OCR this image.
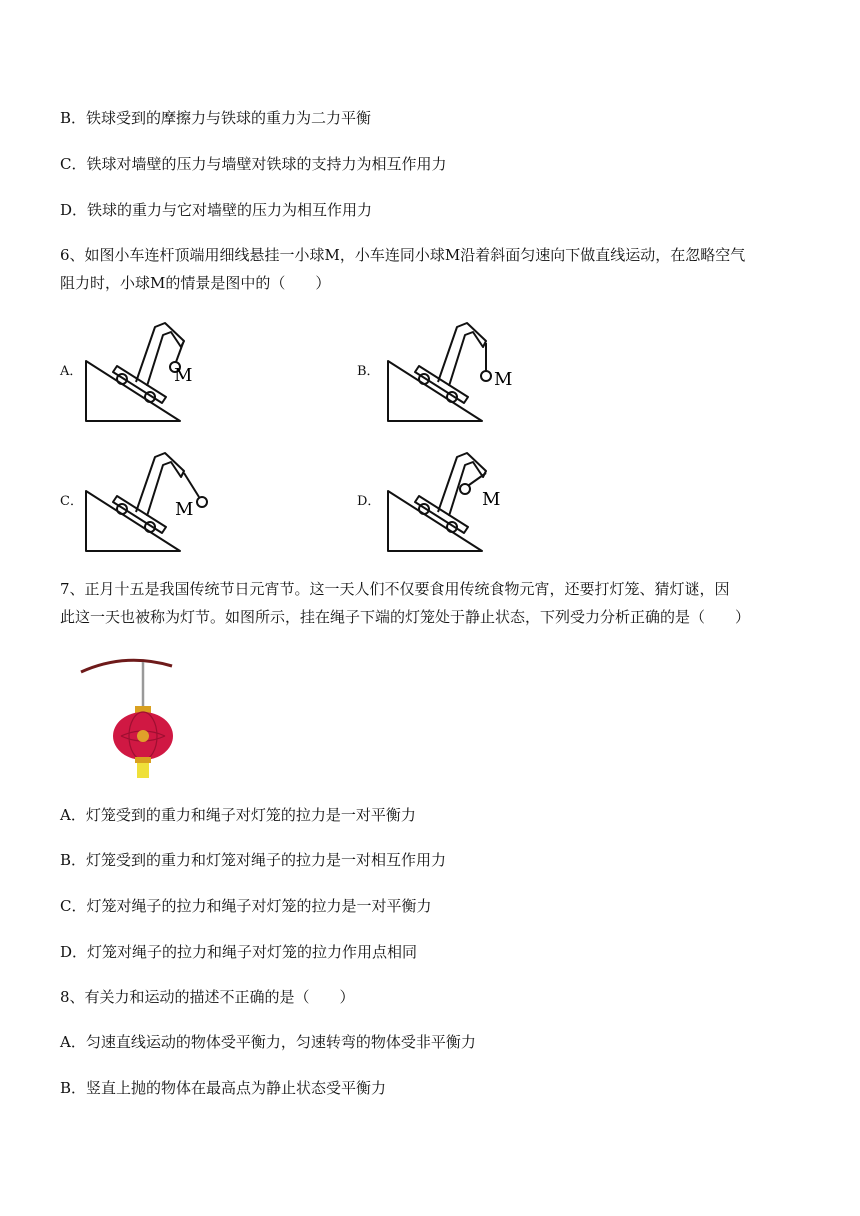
B．铁球受到的摩擦力与铁球的重力为二力平衡
C．铁球对墙壁的压力与墙壁对铁球的支持力为相互作用力
D．铁球的重力与它对墙壁的压力为相互作用力
6、如图小车连杆顶端用细线悬挂一小球M，小车连同小球M沿着斜面匀速向下做直线运动，在忽略空气
阻力时，小球M的情景是图中的（　　）
A．	B．
C．	D．
M	M
M	M
7、正月十五是我国传统节日元宵节。这一天人们不仅要食用传统食物元宵，还要打灯笼、猜灯谜，因
此这一天也被称为灯节。如图所示，挂在绳子下端的灯笼处于静止状态，下列受力分析正确的是（　　）
A．灯笼受到的重力和绳子对灯笼的拉力是一对平衡力
B．灯笼受到的重力和灯笼对绳子的拉力是一对相互作用力
C．灯笼对绳子的拉力和绳子对灯笼的拉力是一对平衡力
D．灯笼对绳子的拉力和绳子对灯笼的拉力作用点相同
8、有关力和运动的描述不正确的是（　　）
A．匀速直线运动的物体受平衡力，匀速转弯的物体受非平衡力
B．竖直上抛的物体在最高点为静止状态受平衡力
